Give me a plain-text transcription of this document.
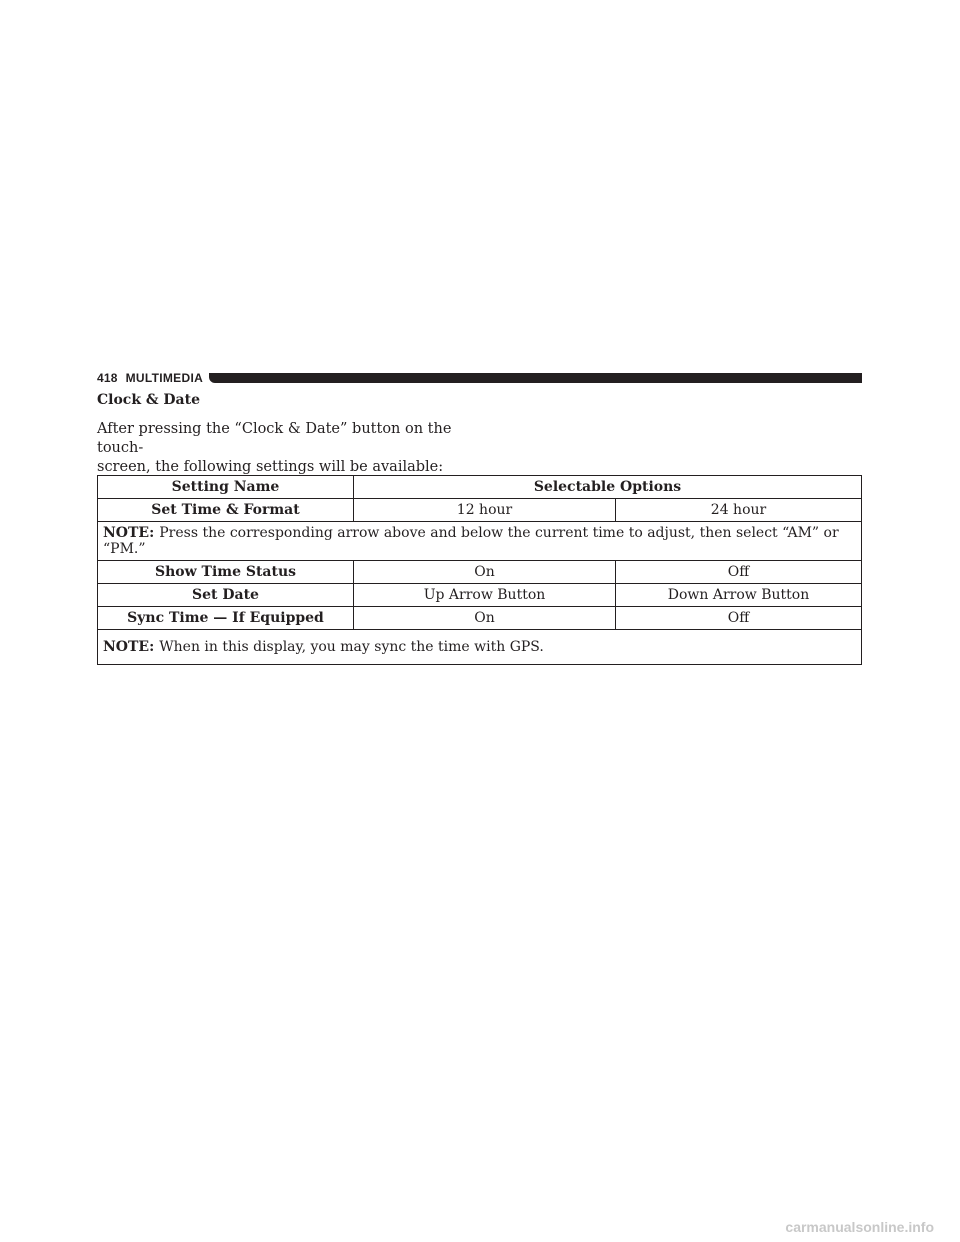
418 MULTIMEDIA
Clock & Date

After pressing the “Clock & Date” button on the touch-

screen, the following settings will be available:

Setting Name	Selectable Options	
Set Time & Format	12 hour	24 hour
NOTE: Press the corresponding arrow above and below the current time to adjust, then select “AM” or “PM.”		
Show Time Status	On	Off
Set Date	Up Arrow Button	Down Arrow Button
Sync Time — If Equipped	On	Off
NOTE: When in this display, you may sync the time with GPS.		
carmanualsonline.info
